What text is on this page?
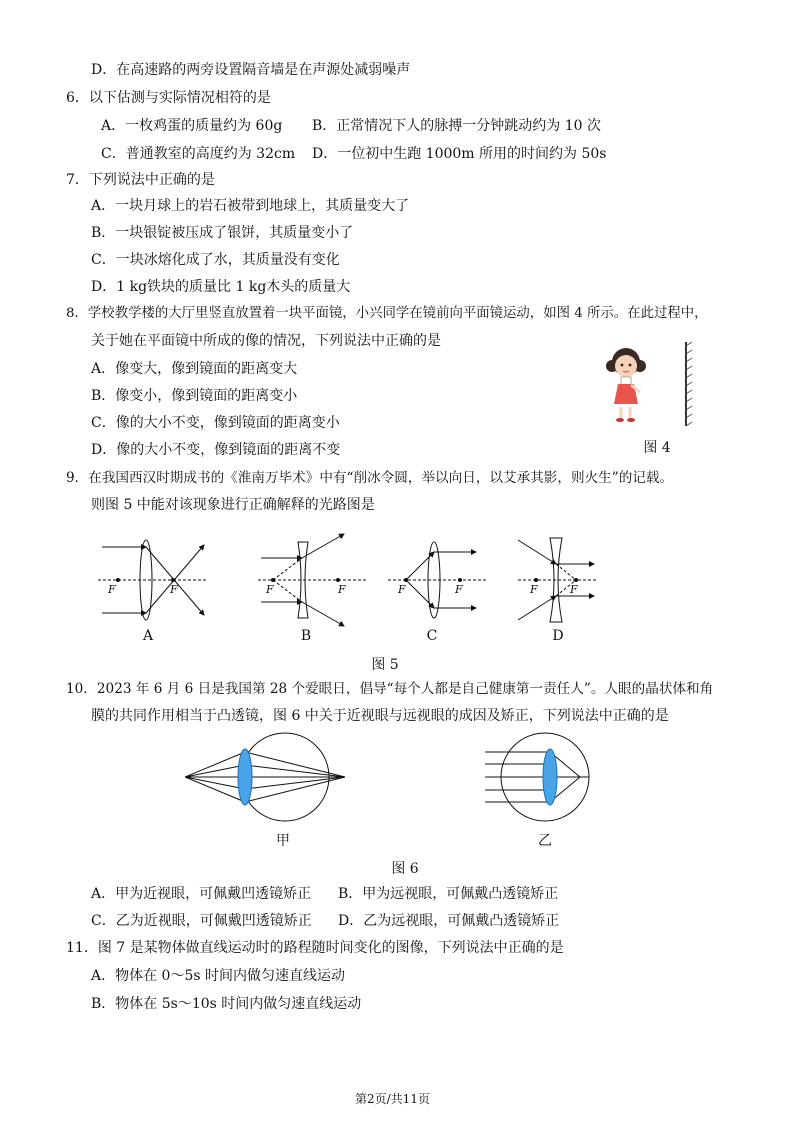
D．在高速路的两旁设置隔音墙是在声源处减弱噪声
6．以下估测与实际情况相符的是
A．一枚鸡蛋的质量约为 60g B．正常情况下人的脉搏一分钟跳动约为 10 次
C．普通教室的高度约为 32cm D．一位初中生跑 1000m 所用的时间约为 50s
7．下列说法中正确的是
A．一块月球上的岩石被带到地球上，其质量变大了
B．一块银锭被压成了银饼，其质量变小了
C．一块冰熔化成了水，其质量没有变化
D．1 kg铁块的质量比 1 kg木头的质量大
8．学校教学楼的大厅里竖直放置着一块平面镜，小兴同学在镜前向平面镜运动，如图 4 所示。在此过程中，
关于她在平面镜中所成的像的情况，下列说法中正确的是
A．像变大，像到镜面的距离变大
B．像变小，像到镜面的距离变小
C．像的大小不变，像到镜面的距离变小
D．像的大小不变，像到镜面的距离不变
9．在我国西汉时期成书的《淮南万毕术》中有“削冰令圆，举以向日，以艾承其影，则火生”的记载。
则图 5 中能对该现象进行正确解释的光路图是
10．2023 年 6 月 6 日是我国第 28 个爱眼日，倡导“每个人都是自己健康第一责任人”。人眼的晶状体和角
膜的共同作用相当于凸透镜，图 6 中关于近视眼与远视眼的成因及矫正，下列说法中正确的是
A．甲为近视眼，可佩戴凹透镜矫正 B．甲为远视眼，可佩戴凸透镜矫正
C．乙为近视眼，可佩戴凹透镜矫正 D．乙为远视眼，可佩戴凸透镜矫正
11．图 7 是某物体做直线运动时的路程随时间变化的图像，下列说法中正确的是
A．物体在 0～5s 时间内做匀速直线运动
B．物体在 5s～10s 时间内做匀速直线运动
图 4
F	F	F	F	F	F	F	F
A	B	C	D
图 5
甲	乙
图 6
第2页/共11页
